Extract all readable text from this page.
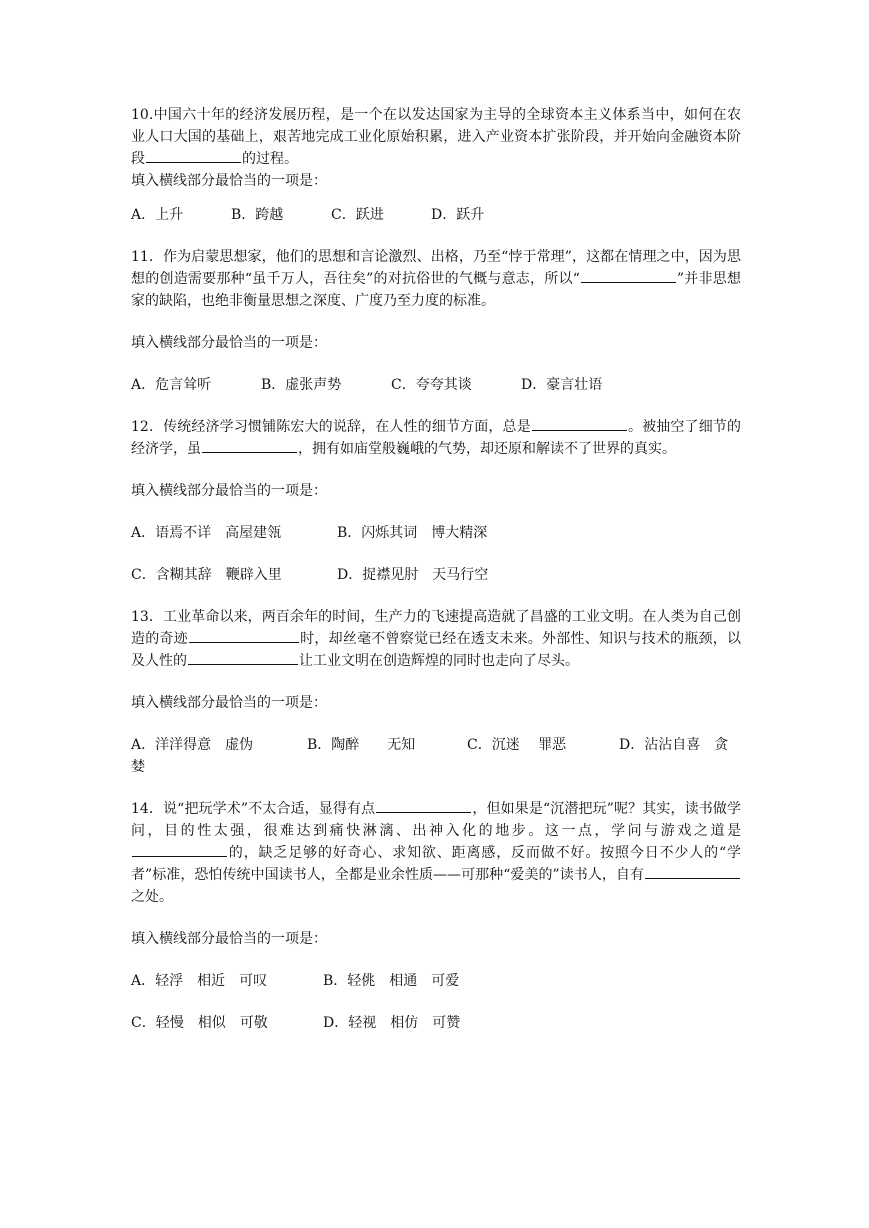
10.中国六十年的经济发展历程，是一个在以发达国家为主导的全球资本主义体系当中，如何在农业人口大国的基础上，艰苦地完成工业化原始积累，进入产业资本扩张阶段，并开始向金融资本阶段	的过程。

填入横线部分最恰当的一项是：

A．上升	B．跨越	C．跃进	D．跃升

11．作为启蒙思想家，他们的思想和言论激烈、出格，乃至“悖于常理”，这都在情理之中，因为思想的创造需要那种“虽千万人，吾往矣”的对抗俗世的气概与意志，所以“	”并非思想家的缺陷，也绝非衡量思想之深度、广度乃至力度的标准。

填入横线部分最恰当的一项是：

A．危言耸听	B．虚张声势	C．夸夸其谈	D．豪言壮语

12．传统经济学习惯铺陈宏大的说辞，在人性的细节方面，总是	。被抽空了细节的经济学，虽	，拥有如庙堂般巍峨的气势，却还原和解读不了世界的真实。

填入横线部分最恰当的一项是：

A．语焉不详　高屋建瓴	B．闪烁其词　博大精深

C．含糊其辞　鞭辟入里	D．捉襟见肘　天马行空

13．工业革命以来，两百余年的时间，生产力的飞速提高造就了昌盛的工业文明。在人类为自己创造的奇迹	时，却丝毫不曾察觉已经在透支未来。外部性、知识与技术的瓶颈，以及人性的	让工业文明在创造辉煌的同时也走向了尽头。

填入横线部分最恰当的一项是：

A．洋洋得意　虚伪	B．陶醉　　无知	C．沉迷　 罪恶	D．沾沾自喜　贪婪

14．说“把玩学术”不太合适，显得有点	，但如果是“沉潜把玩”呢？其实，读书做学问，目的性太强，很难达到痛快淋漓、出神入化的地步。这一点，学问与游戏之道是的，缺乏足够的好奇心、求知欲、距离感，反而做不好。按照今日不少人的“学者”标准，恐怕传统中国读书人，全都是业余性质——可那种“爱美的”读书人，自有之处。

填入横线部分最恰当的一项是：

A．轻浮　相近　可叹	B．轻佻　相通　可爱

C．轻慢　相似　可敬	D．轻视　相仿　可赞
